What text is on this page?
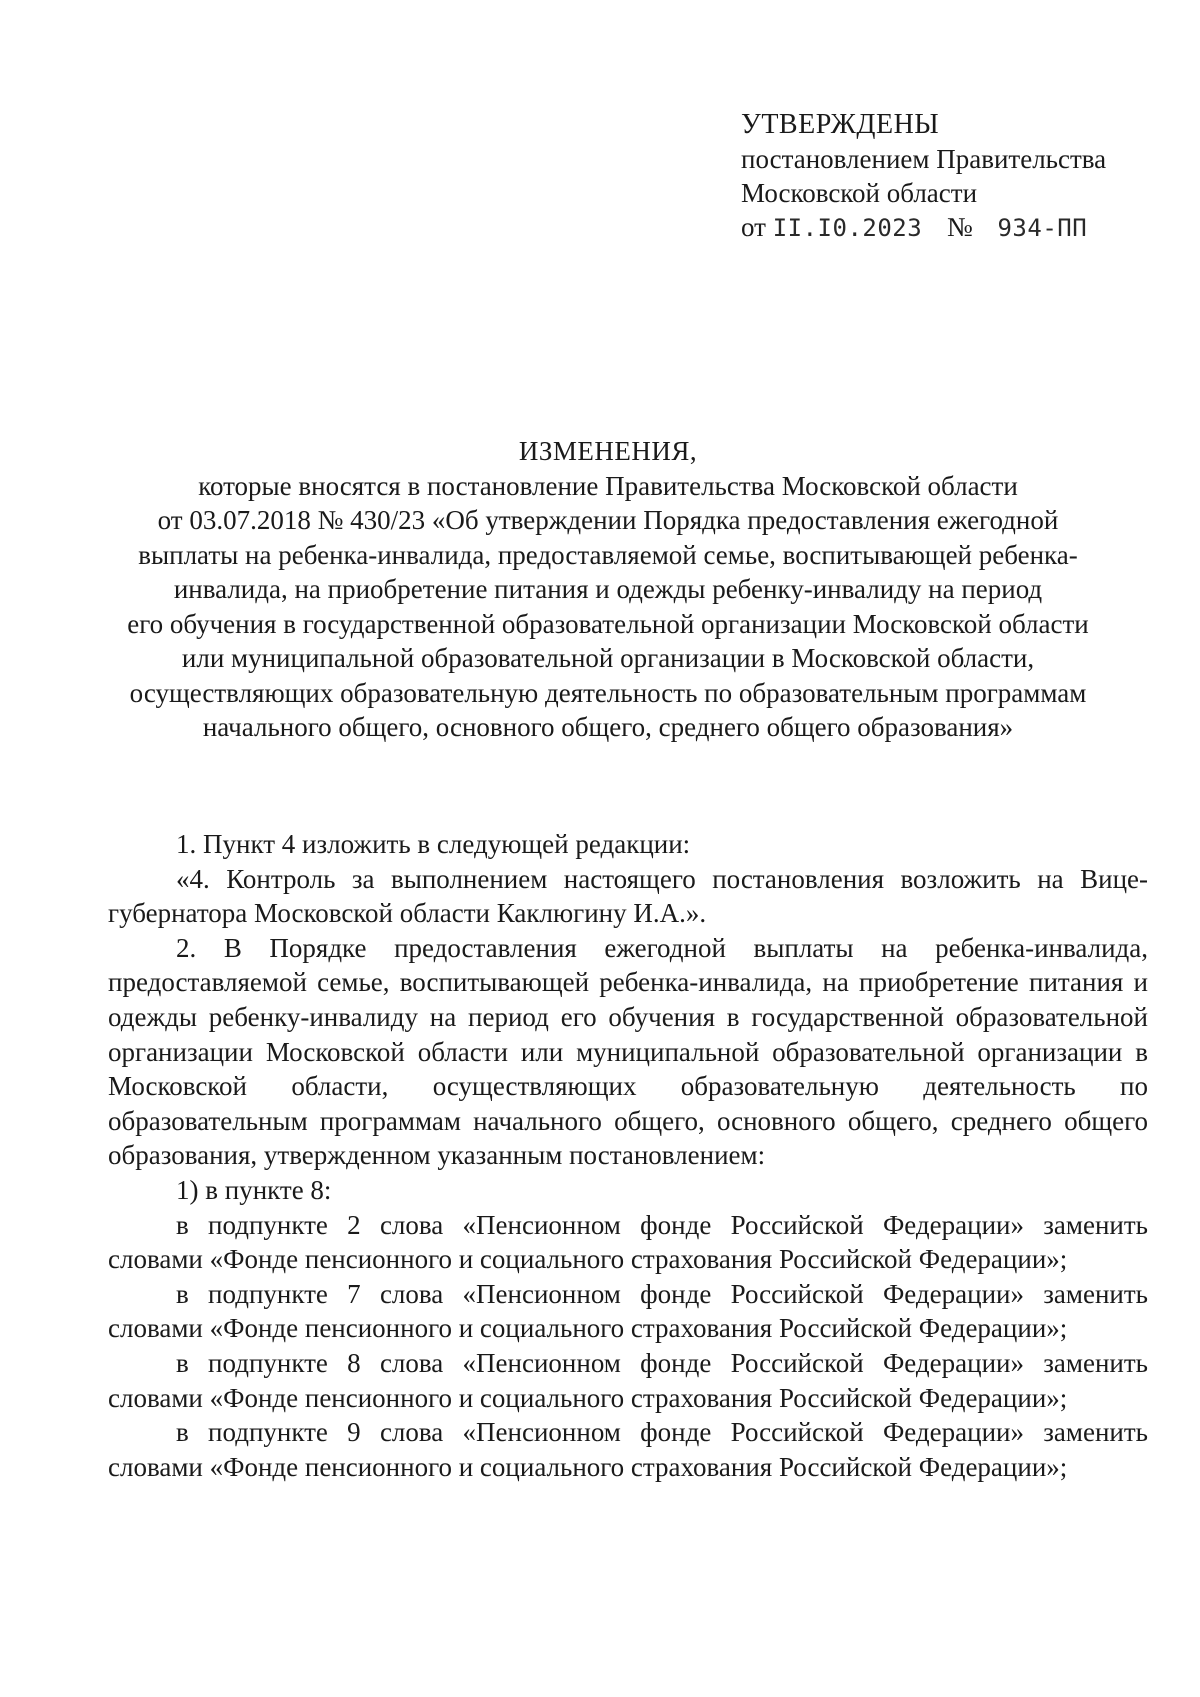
УТВЕРЖДЕНЫ
постановлением Правительства
Московской области
от II.I0.2023 № 934-ПП
ИЗМЕНЕНИЯ,
которые вносятся в постановление Правительства Московской области
от 03.07.2018 № 430/23 «Об утверждении Порядка предоставления ежегодной
выплаты на ребенка-инвалида, предоставляемой семье, воспитывающей ребенка-
инвалида, на приобретение питания и одежды ребенку-инвалиду на период
его обучения в государственной образовательной организации Московской области
или муниципальной образовательной организации в Московской области,
осуществляющих образовательную деятельность по образовательным программам
начального общего, основного общего, среднего общего образования»

1. Пункт 4 изложить в следующей редакции:

«4. Контроль за выполнением настоящего постановления возложить на Вице-губернатора Московской области Каклюгину И.А.».

2. В Порядке предоставления ежегодной выплаты на ребенка-инвалида, предоставляемой семье, воспитывающей ребенка-инвалида, на приобретение питания и одежды ребенку-инвалиду на период его обучения в государственной образовательной организации Московской области или муниципальной образовательной организации в Московской области, осуществляющих образовательную деятельность по образовательным программам начального общего, основного общего, среднего общего образования, утвержденном указанным постановлением:

1) в пункте 8:

в подпункте 2 слова «Пенсионном фонде Российской Федерации» заменить словами «Фонде пенсионного и социального страхования Российской Федерации»;

в подпункте 7 слова «Пенсионном фонде Российской Федерации» заменить словами «Фонде пенсионного и социального страхования Российской Федерации»;

в подпункте 8 слова «Пенсионном фонде Российской Федерации» заменить словами «Фонде пенсионного и социального страхования Российской Федерации»;

в подпункте 9 слова «Пенсионном фонде Российской Федерации» заменить словами «Фонде пенсионного и социального страхования Российской Федерации»;
